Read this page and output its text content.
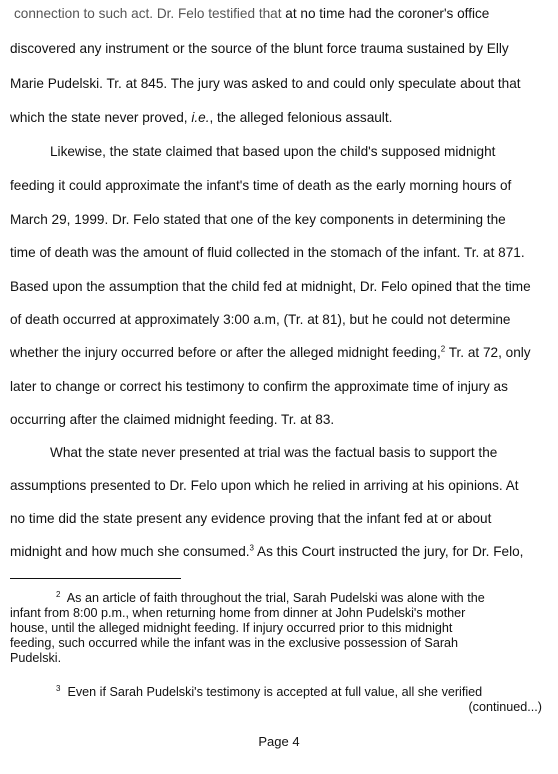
connection to such act. Dr. Felo testified that at no time had the coroner's office
discovered any instrument or the source of the blunt force trauma sustained by Elly
Marie Pudelski. Tr. at 845. The jury was asked to and could only speculate about that
which the state never proved, i.e., the alleged felonious assault.
Likewise, the state claimed that based upon the child's supposed midnight
feeding it could approximate the infant's time of death as the early morning hours of
March 29, 1999. Dr. Felo stated that one of the key components in determining the
time of death was the amount of fluid collected in the stomach of the infant. Tr. at 871.
Based upon the assumption that the child fed at midnight, Dr. Felo opined that the time
of death occurred at approximately 3:00 a.m, (Tr. at 81), but he could not determine
whether the injury occurred before or after the alleged midnight feeding,$^2$ Tr. at 72, only
later to change or correct his testimony to confirm the approximate time of injury as
occurring after the claimed midnight feeding. Tr. at 83.
What the state never presented at trial was the factual basis to support the
assumptions presented to Dr. Felo upon which he relied in arriving at his opinions. At
no time did the state present any evidence proving that the infant fed at or about
midnight and how much she consumed.$^3$ As this Court instructed the jury, for Dr. Felo,
$^2$ As an article of faith throughout the trial, Sarah Pudelski was alone with the
infant from 8:00 p.m., when returning home from dinner at John Pudelski's mother
house, until the alleged midnight feeding. If injury occurred prior to this midnight
feeding, such occurred while the infant was in the exclusive possession of Sarah
Pudelski.
$^3$ Even if Sarah Pudelski's testimony is accepted at full value, all she verified
(continued...)
Page 4
